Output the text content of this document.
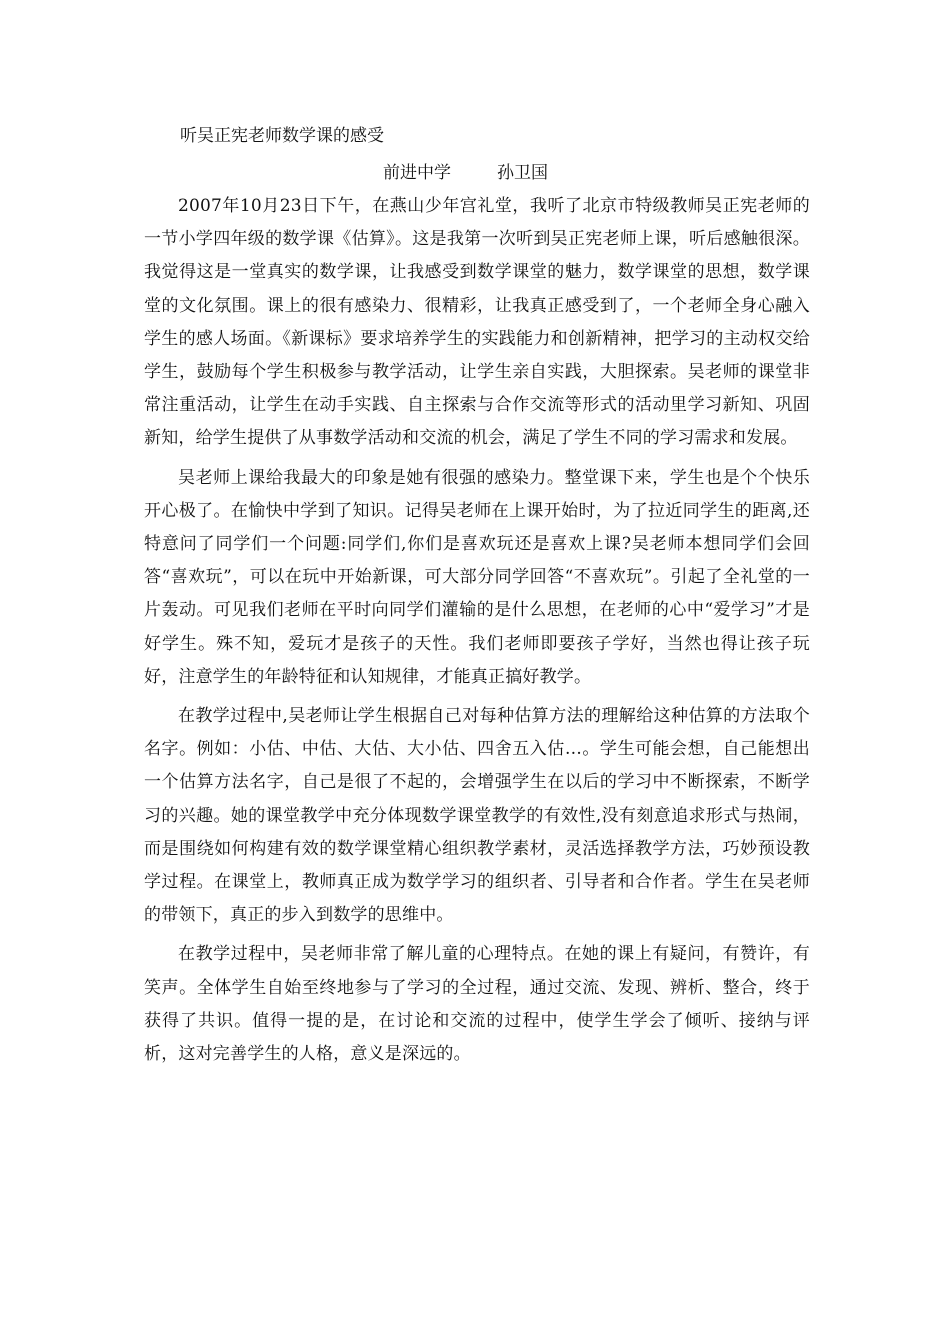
听吴正宪老师数学课的感受
前进中学	孙卫国

2007年10月23日下午，在燕山少年宫礼堂，我听了北京市特级教师吴正宪老师的一节小学四年级的数学课《估算》。这是我第一次听到吴正宪老师上课，听后感触很深。我觉得这是一堂真实的数学课，让我感受到数学课堂的魅力，数学课堂的思想，数学课堂的文化氛围。课上的很有感染力、很精彩，让我真正感受到了，一个老师全身心融入学生的感人场面。《新课标》要求培养学生的实践能力和创新精神，把学习的主动权交给学生，鼓励每个学生积极参与教学活动，让学生亲自实践，大胆探索。吴老师的课堂非常注重活动，让学生在动手实践、自主探索与合作交流等形式的活动里学习新知、巩固新知，给学生提供了从事数学活动和交流的机会，满足了学生不同的学习需求和发展。

吴老师上课给我最大的印象是她有很强的感染力。整堂课下来，学生也是个个快乐开心极了。在愉快中学到了知识。记得吴老师在上课开始时，为了拉近同学生的距离,还特意问了同学们一个问题:同学们,你们是喜欢玩还是喜欢上课?吴老师本想同学们会回答“喜欢玩”，可以在玩中开始新课，可大部分同学回答“不喜欢玩”。引起了全礼堂的一片轰动。可见我们老师在平时向同学们灌输的是什么思想，在老师的心中“爱学习”才是好学生。殊不知，爱玩才是孩子的天性。我们老师即要孩子学好，当然也得让孩子玩好，注意学生的年龄特征和认知规律，才能真正搞好教学。

在教学过程中,吴老师让学生根据自己对每种估算方法的理解给这种估算的方法取个名字。例如：小估、中估、大估、大小估、四舍五入估…。学生可能会想，自己能想出一个估算方法名字，自己是很了不起的，会增强学生在以后的学习中不断探索，不断学习的兴趣。她的课堂教学中充分体现数学课堂教学的有效性,没有刻意追求形式与热闹，而是围绕如何构建有效的数学课堂精心组织教学素材，灵活选择教学方法，巧妙预设教学过程。在课堂上，教师真正成为数学学习的组织者、引导者和合作者。学生在吴老师的带领下，真正的步入到数学的思维中。

在教学过程中，吴老师非常了解儿童的心理特点。在她的课上有疑问，有赞许，有笑声。全体学生自始至终地参与了学习的全过程，通过交流、发现、辨析、整合，终于获得了共识。值得一提的是，在讨论和交流的过程中，使学生学会了倾听、接纳与评析，这对完善学生的人格，意义是深远的。
